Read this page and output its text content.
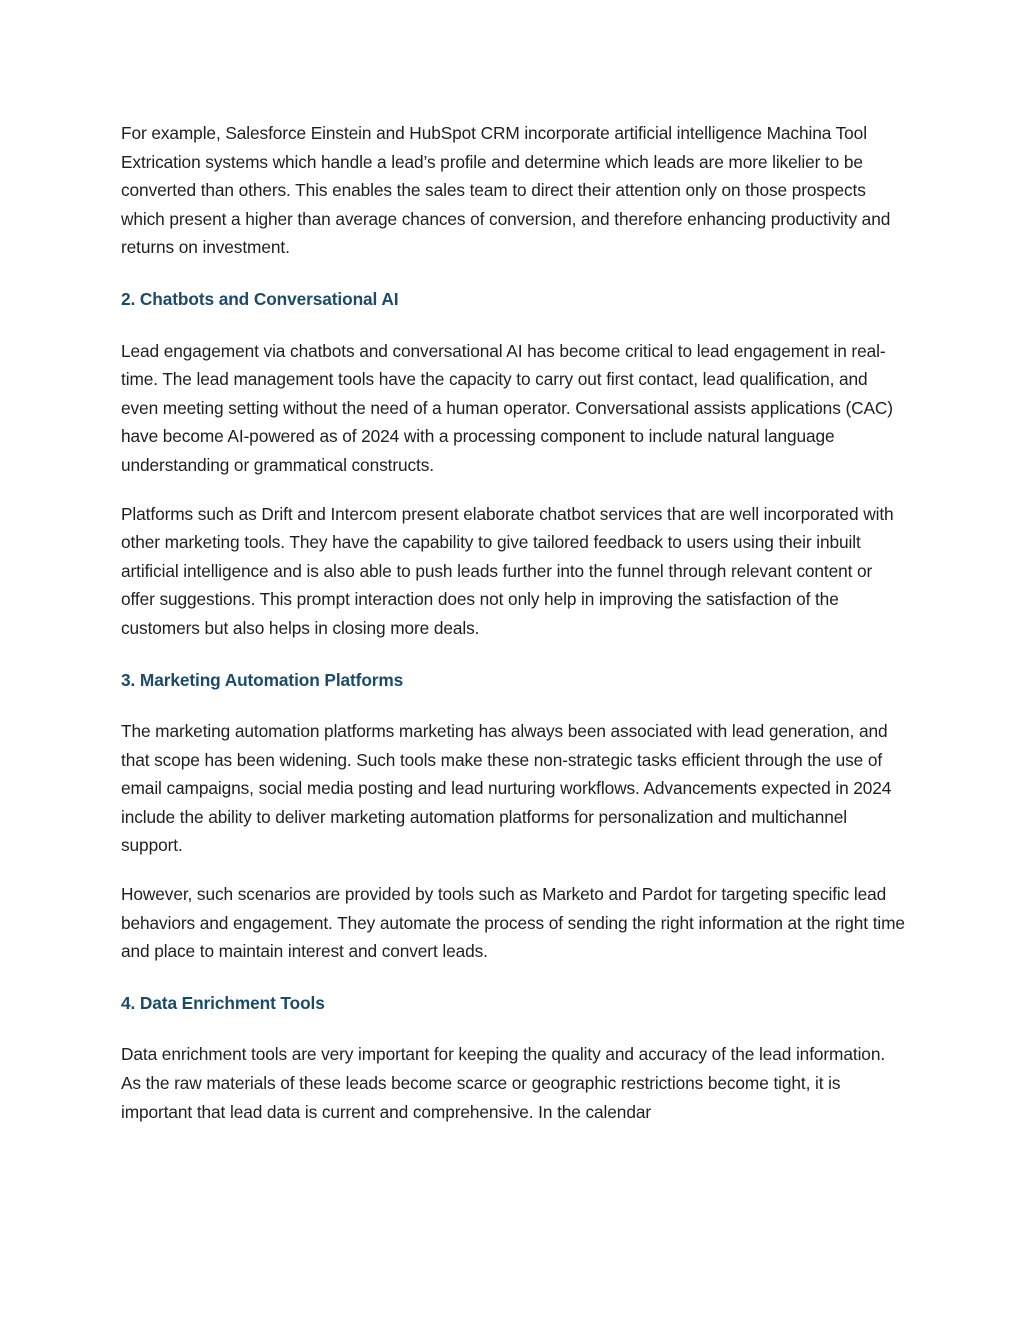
For example, Salesforce Einstein and HubSpot CRM incorporate artificial intelligence Machina Tool Extrication systems which handle a lead’s profile and determine which leads are more likelier to be converted than others. This enables the sales team to direct their attention only on those prospects which present a higher than average chances of conversion, and therefore enhancing productivity and returns on investment.

2. Chatbots and Conversational AI

Lead engagement via chatbots and conversational AI has become critical to lead engagement in real-time. The lead management tools have the capacity to carry out first contact, lead qualification, and even meeting setting without the need of a human operator. Conversational assists applications (CAC) have become AI-powered as of 2024 with a processing component to include natural language understanding or grammatical constructs.

Platforms such as Drift and Intercom present elaborate chatbot services that are well incorporated with other marketing tools. They have the capability to give tailored feedback to users using their inbuilt artificial intelligence and is also able to push leads further into the funnel through relevant content or offer suggestions. This prompt interaction does not only help in improving the satisfaction of the customers but also helps in closing more deals.

3. Marketing Automation Platforms

The marketing automation platforms marketing has always been associated with lead generation, and that scope has been widening. Such tools make these non-strategic tasks efficient through the use of email campaigns, social media posting and lead nurturing workflows. Advancements expected in 2024 include the ability to deliver marketing automation platforms for personalization and multichannel support.

However, such scenarios are provided by tools such as Marketo and Pardot for targeting specific lead behaviors and engagement. They automate the process of sending the right information at the right time and place to maintain interest and convert leads.

4. Data Enrichment Tools

Data enrichment tools are very important for keeping the quality and accuracy of the lead information. As the raw materials of these leads become scarce or geographic restrictions become tight, it is important that lead data is current and comprehensive. In the calendar
